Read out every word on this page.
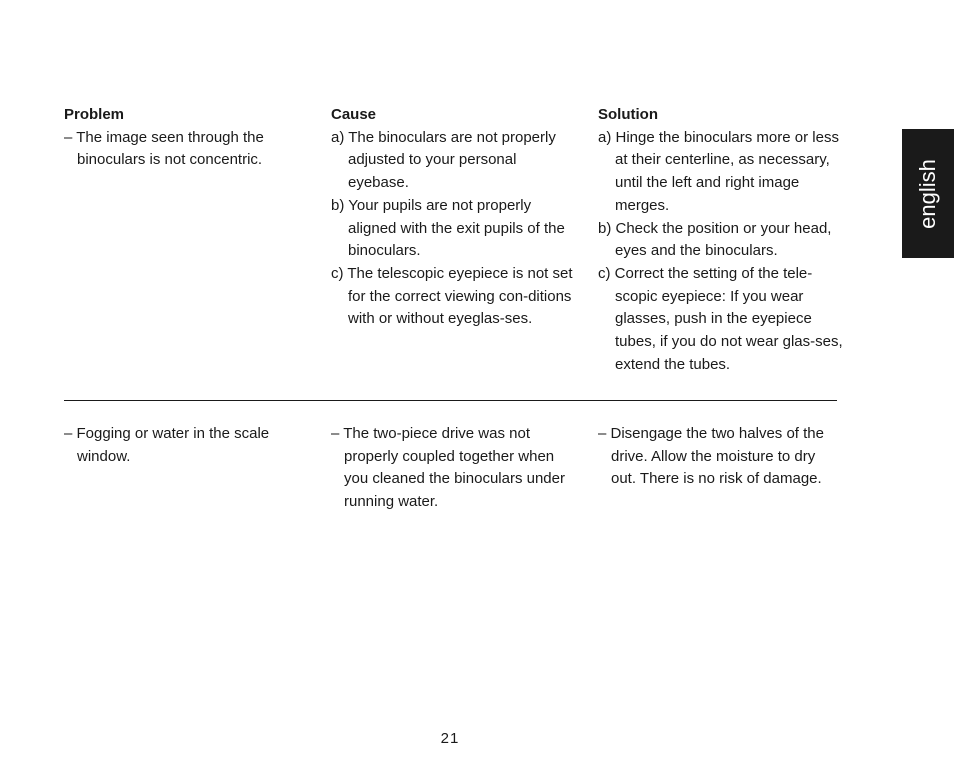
Problem

– The image seen through the binoculars is not concentric.

Cause

a) The binoculars are not properly adjusted to your personal eyebase.

b) Your pupils are not properly aligned with the exit pupils of the binoculars.

c) The telescopic eyepiece is not set for the correct viewing con-ditions with or without eyeglas-ses.

Solution

a) Hinge the binoculars more or less at their centerline, as necessary, until the left and right image merges.

b) Check the position or your head, eyes and the binoculars.

c) Correct the setting of the tele-scopic eyepiece: If you wear glasses, push in the eyepiece tubes, if you do not wear glas-ses, extend the tubes.

– Fogging or water in the scale window.

– The two-piece drive was not properly coupled together when you cleaned the binoculars under running water.

– Disengage the two halves of the drive. Allow the moisture to dry out. There is no risk of damage.

english
21
